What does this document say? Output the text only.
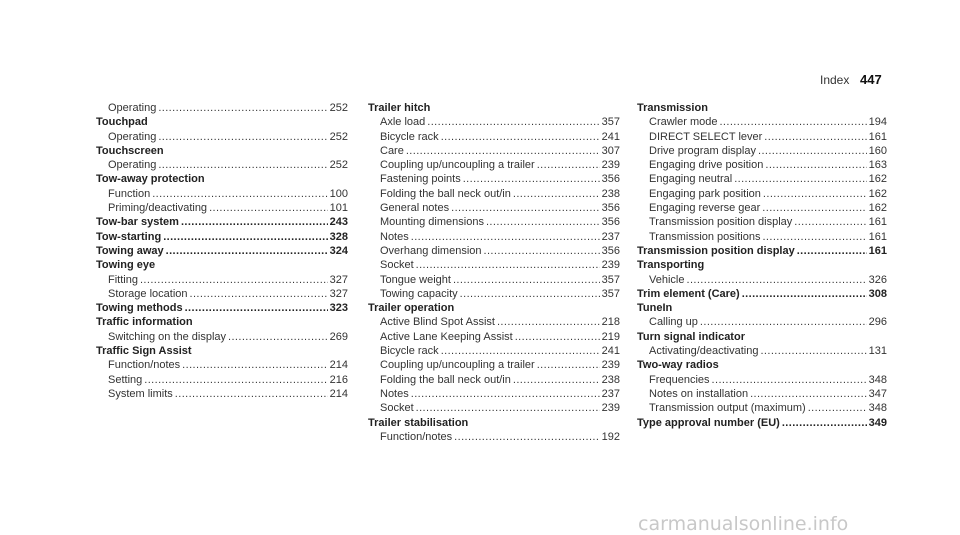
Index 447
Operating .....	252
Touchpad
Operating .....	252
Touchscreen
Operating .....	252
Tow-away protection
Function .....	100
Priming/deactivating .....	101
Tow-bar system .....	243
Tow-starting .....	328
Towing away .....	324
Towing eye
Fitting .....	327
Storage location .....	327
Towing methods .....	323
Traffic information
Switching on the display .....	269
Traffic Sign Assist
Function/notes .....	214
Setting .....	216
System limits .....	214
Trailer hitch
Axle load .....	357
Bicycle rack .....	241
Care .....	307
Coupling up/uncoupling a trailer .....	239
Fastening points .....	356
Folding the ball neck out/in .....	238
General notes .....	356
Mounting dimensions .....	356
Notes .....	237
Overhang dimension .....	356
Socket .....	239
Tongue weight .....	357
Towing capacity .....	357
Trailer operation
Active Blind Spot Assist .....	218
Active Lane Keeping Assist .....	219
Bicycle rack .....	241
Coupling up/uncoupling a trailer .....	239
Folding the ball neck out/in .....	238
Notes .....	237
Socket .....	239
Trailer stabilisation
Function/notes .....	192
Transmission
Crawler mode .....	194
DIRECT SELECT lever .....	161
Drive program display .....	160
Engaging drive position .....	163
Engaging neutral .....	162
Engaging park position .....	162
Engaging reverse gear .....	162
Transmission position display .....	161
Transmission positions .....	161
Transmission position display .....	161
Transporting
Vehicle .....	326
Trim element (Care) .....	308
TuneIn
Calling up .....	296
Turn signal indicator
Activating/deactivating .....	131
Two-way radios
Frequencies .....	348
Notes on installation .....	347
Transmission output (maximum) .....	348
Type approval number (EU) .....	349
carmanualsonline.info
